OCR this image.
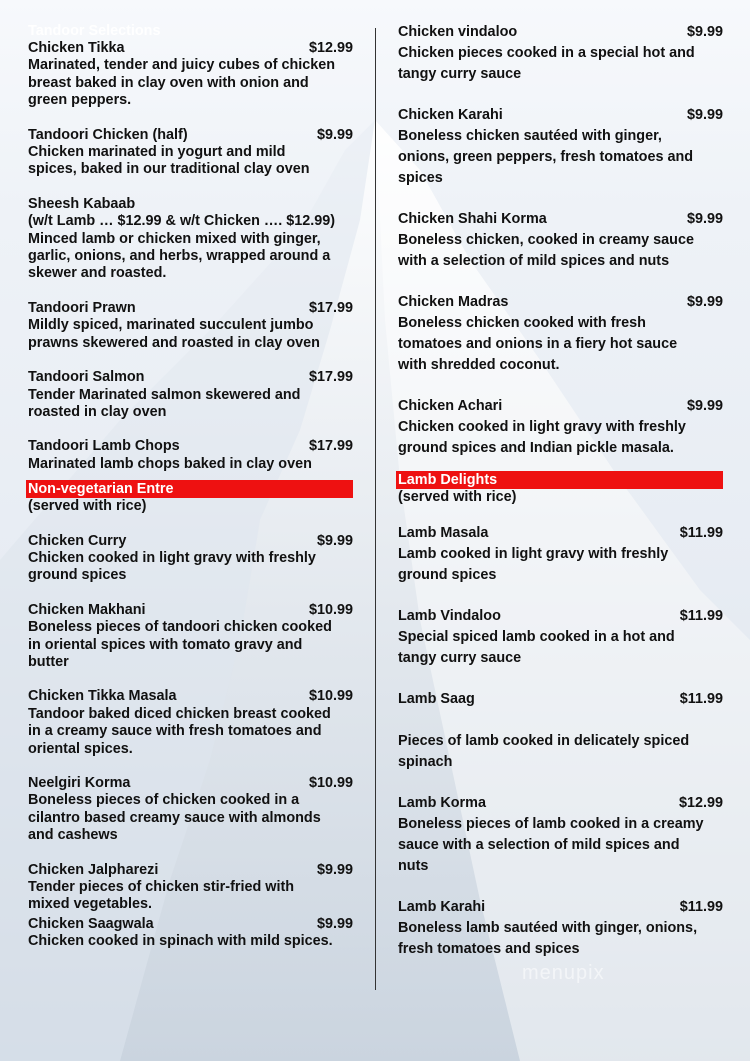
Tandoor Selections
Chicken Tikka	$12.99
Marinated, tender and juicy cubes of chicken
breast baked in clay oven with onion and
green peppers.
Tandoori Chicken (half)	$9.99
Chicken marinated in yogurt and mild
spices, baked in our traditional clay oven
Sheesh Kabaab
(w/t Lamb … $12.99 & w/t Chicken …. $12.99)
Minced lamb or chicken mixed with ginger,
garlic, onions, and herbs, wrapped around a
skewer and roasted.
Tandoori Prawn	$17.99
Mildly spiced, marinated succulent jumbo
prawns skewered and roasted in clay oven
Tandoori Salmon	$17.99
Tender Marinated salmon skewered and
roasted in clay oven
Tandoori Lamb Chops	$17.99
Marinated lamb chops baked in clay oven
Non-vegetarian Entre
(served with rice)
Chicken Curry	$9.99
Chicken cooked in light gravy with freshly
ground spices
Chicken Makhani	$10.99
Boneless pieces of tandoori chicken cooked
in oriental spices with tomato gravy and
butter
Chicken Tikka Masala	$10.99
Tandoor baked diced chicken breast cooked
in a creamy sauce with fresh tomatoes and
oriental spices.
Neelgiri Korma	$10.99
Boneless pieces of chicken cooked in a
cilantro based creamy sauce with almonds
and cashews
Chicken Jalpharezi	$9.99
Tender pieces of chicken stir-fried with
mixed vegetables.
Chicken Saagwala	$9.99
Chicken cooked in spinach with mild spices.
Chicken vindaloo	$9.99
Chicken pieces cooked in a special hot and
tangy curry sauce
Chicken Karahi	$9.99
Boneless chicken sautéed with ginger,
onions, green peppers, fresh tomatoes and
spices
Chicken Shahi Korma	$9.99
Boneless chicken, cooked in creamy sauce
with a selection of mild spices and nuts
Chicken Madras	$9.99
Boneless chicken cooked with fresh
tomatoes and onions in a fiery hot sauce
with shredded coconut.
Chicken Achari	$9.99
Chicken cooked in light gravy with freshly
ground spices and Indian pickle masala.
Lamb Delights
(served with rice)
Lamb Masala	$11.99
Lamb cooked in light gravy with freshly
ground spices
Lamb Vindaloo	$11.99
Special spiced lamb cooked in a hot and
tangy curry sauce
Lamb Saag	$11.99
Pieces of lamb cooked in delicately spiced
spinach
Lamb Korma	$12.99
Boneless pieces of lamb cooked in a creamy
sauce with a selection of mild spices and
nuts
Lamb Karahi	$11.99
Boneless lamb sautéed with ginger, onions,
fresh tomatoes and spices
menupix
